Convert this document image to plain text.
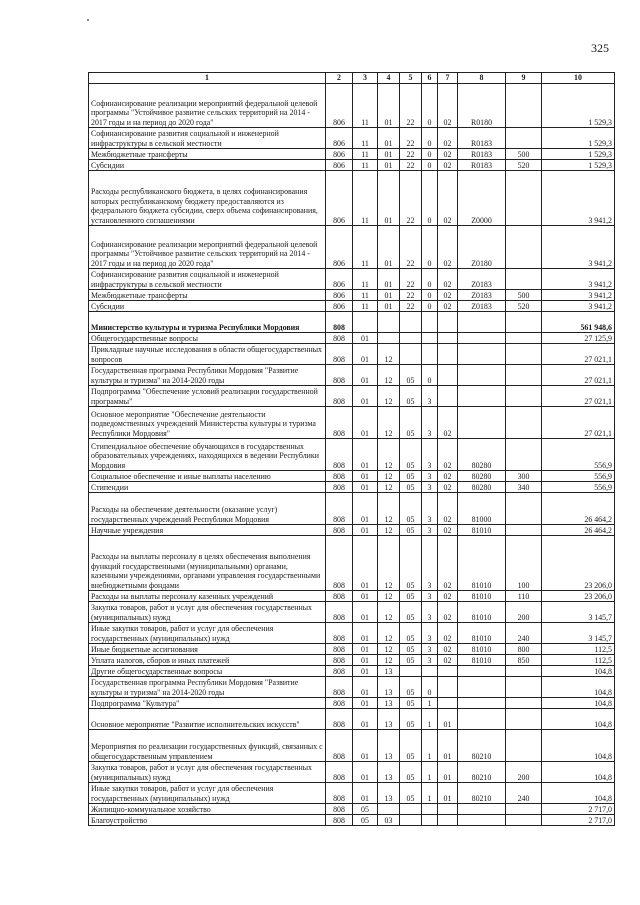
325
1	2	3	4	5	6	7	8	9	10
Софинансирование реализации мероприятий федеральной целевой программы "Устойчивое развитие сельских территорий на 2014 - 2017 годы и на период до 2020 года"	806	11	01	22	0	02	R0180		1 529,3
Софинансирование развития социальной и инженерной инфраструктуры в сельской местности	806	11	01	22	0	02	R0183		1 529,3
Межбюджетные трансферты	806	11	01	22	0	02	R0183	500	1 529,3
Субсидии	806	11	01	22	0	02	R0183	520	1 529,3
Расходы республиканского бюджета, в целях софинансирования которых республиканскому бюджету предоставляются из федерального бюджета субсидии, сверх объема софинансирования, установленного соглашениями	806	11	01	22	0	02	Z0000		3 941,2
Софинансирование реализации мероприятий федеральной целевой программы "Устойчивое развитие сельских территорий на 2014 - 2017 годы и на период до 2020 года"	806	11	01	22	0	02	Z0180		3 941,2
Софинансирование развития социальной и инженерной инфраструктуры в сельской местности	806	11	01	22	0	02	Z0183		3 941,2
Межбюджетные трансферты	806	11	01	22	0	02	Z0183	500	3 941,2
Субсидии	806	11	01	22	0	02	Z0183	520	3 941,2
Министерство культуры и туризма Республики Мордовия	808								561 948,6
Общегосударственные вопросы	808	01							27 125,9
Прикладные научные исследования в области общегосударственных вопросов	808	01	12						27 021,1
Государственная программа Республики Мордовия "Развитие культуры и туризма" на 2014-2020 годы	808	01	12	05	0				27 021,1
Подпрограмма "Обеспечение условий реализации государственной программы"	808	01	12	05	3				27 021,1
Основное мероприятие "Обеспечение деятельности подведомственных учреждений Министерства культуры и туризма Республики Мордовия"	808	01	12	05	3	02			27 021,1
Стипендиальное обеспечение обучающихся в государственных образовательных учреждениях, находящихся в ведении Республики Мордовия	808	01	12	05	3	02	80280		556,9
Социальное обеспечение и иные выплаты населению	808	01	12	05	3	02	80280	300	556,9
Стипендии	808	01	12	05	3	02	80280	340	556,9
Расходы на обеспечение деятельности (оказание услуг) государственных учреждений Республики Мордовия	808	01	12	05	3	02	81000		26 464,2
Научные учреждения	808	01	12	05	3	02	81010		26 464,2
Расходы на выплаты персоналу в целях обеспечения выполнения функций государственными (муниципальными) органами, казенными учреждениями, органами управления государственными внебюджетными фондами	808	01	12	05	3	02	81010	100	23 206,0
Расходы на выплаты персоналу казенных учреждений	808	01	12	05	3	02	81010	110	23 206,0
Закупка товаров, работ и услуг для обеспечения государственных (муниципальных) нужд	808	01	12	05	3	02	81010	200	3 145,7
Иные закупки товаров, работ и услуг для обеспечения государственных (муниципальных) нужд	808	01	12	05	3	02	81010	240	3 145,7
Иные бюджетные ассигнования	808	01	12	05	3	02	81010	800	112,5
Уплата налогов, сборов и иных платежей	808	01	12	05	3	02	81010	850	112,5
Другие общегосударственные вопросы	808	01	13						104,8
Государственная программа Республики Мордовия "Развитие культуры и туризма" на 2014-2020 годы	808	01	13	05	0				104,8
Подпрограмма "Культура"	808	01	13	05	1				104,8
Основное мероприятие "Развитие исполнительских искусств"	808	01	13	05	1	01			104,8
Мероприятия по реализации государственных функций, связанных с общегосударственным управлением	808	01	13	05	1	01	80210		104,8
Закупка товаров, работ и услуг для обеспечения государственных (муниципальных) нужд	808	01	13	05	1	01	80210	200	104,8
Иные закупки товаров, работ и услуг для обеспечения государственных (муниципальных) нужд	808	01	13	05	1	01	80210	240	104,8
Жилищно-коммунальное хозяйство	808	05							2 717,0
Благоустройство	808	05	03						2 717,0
